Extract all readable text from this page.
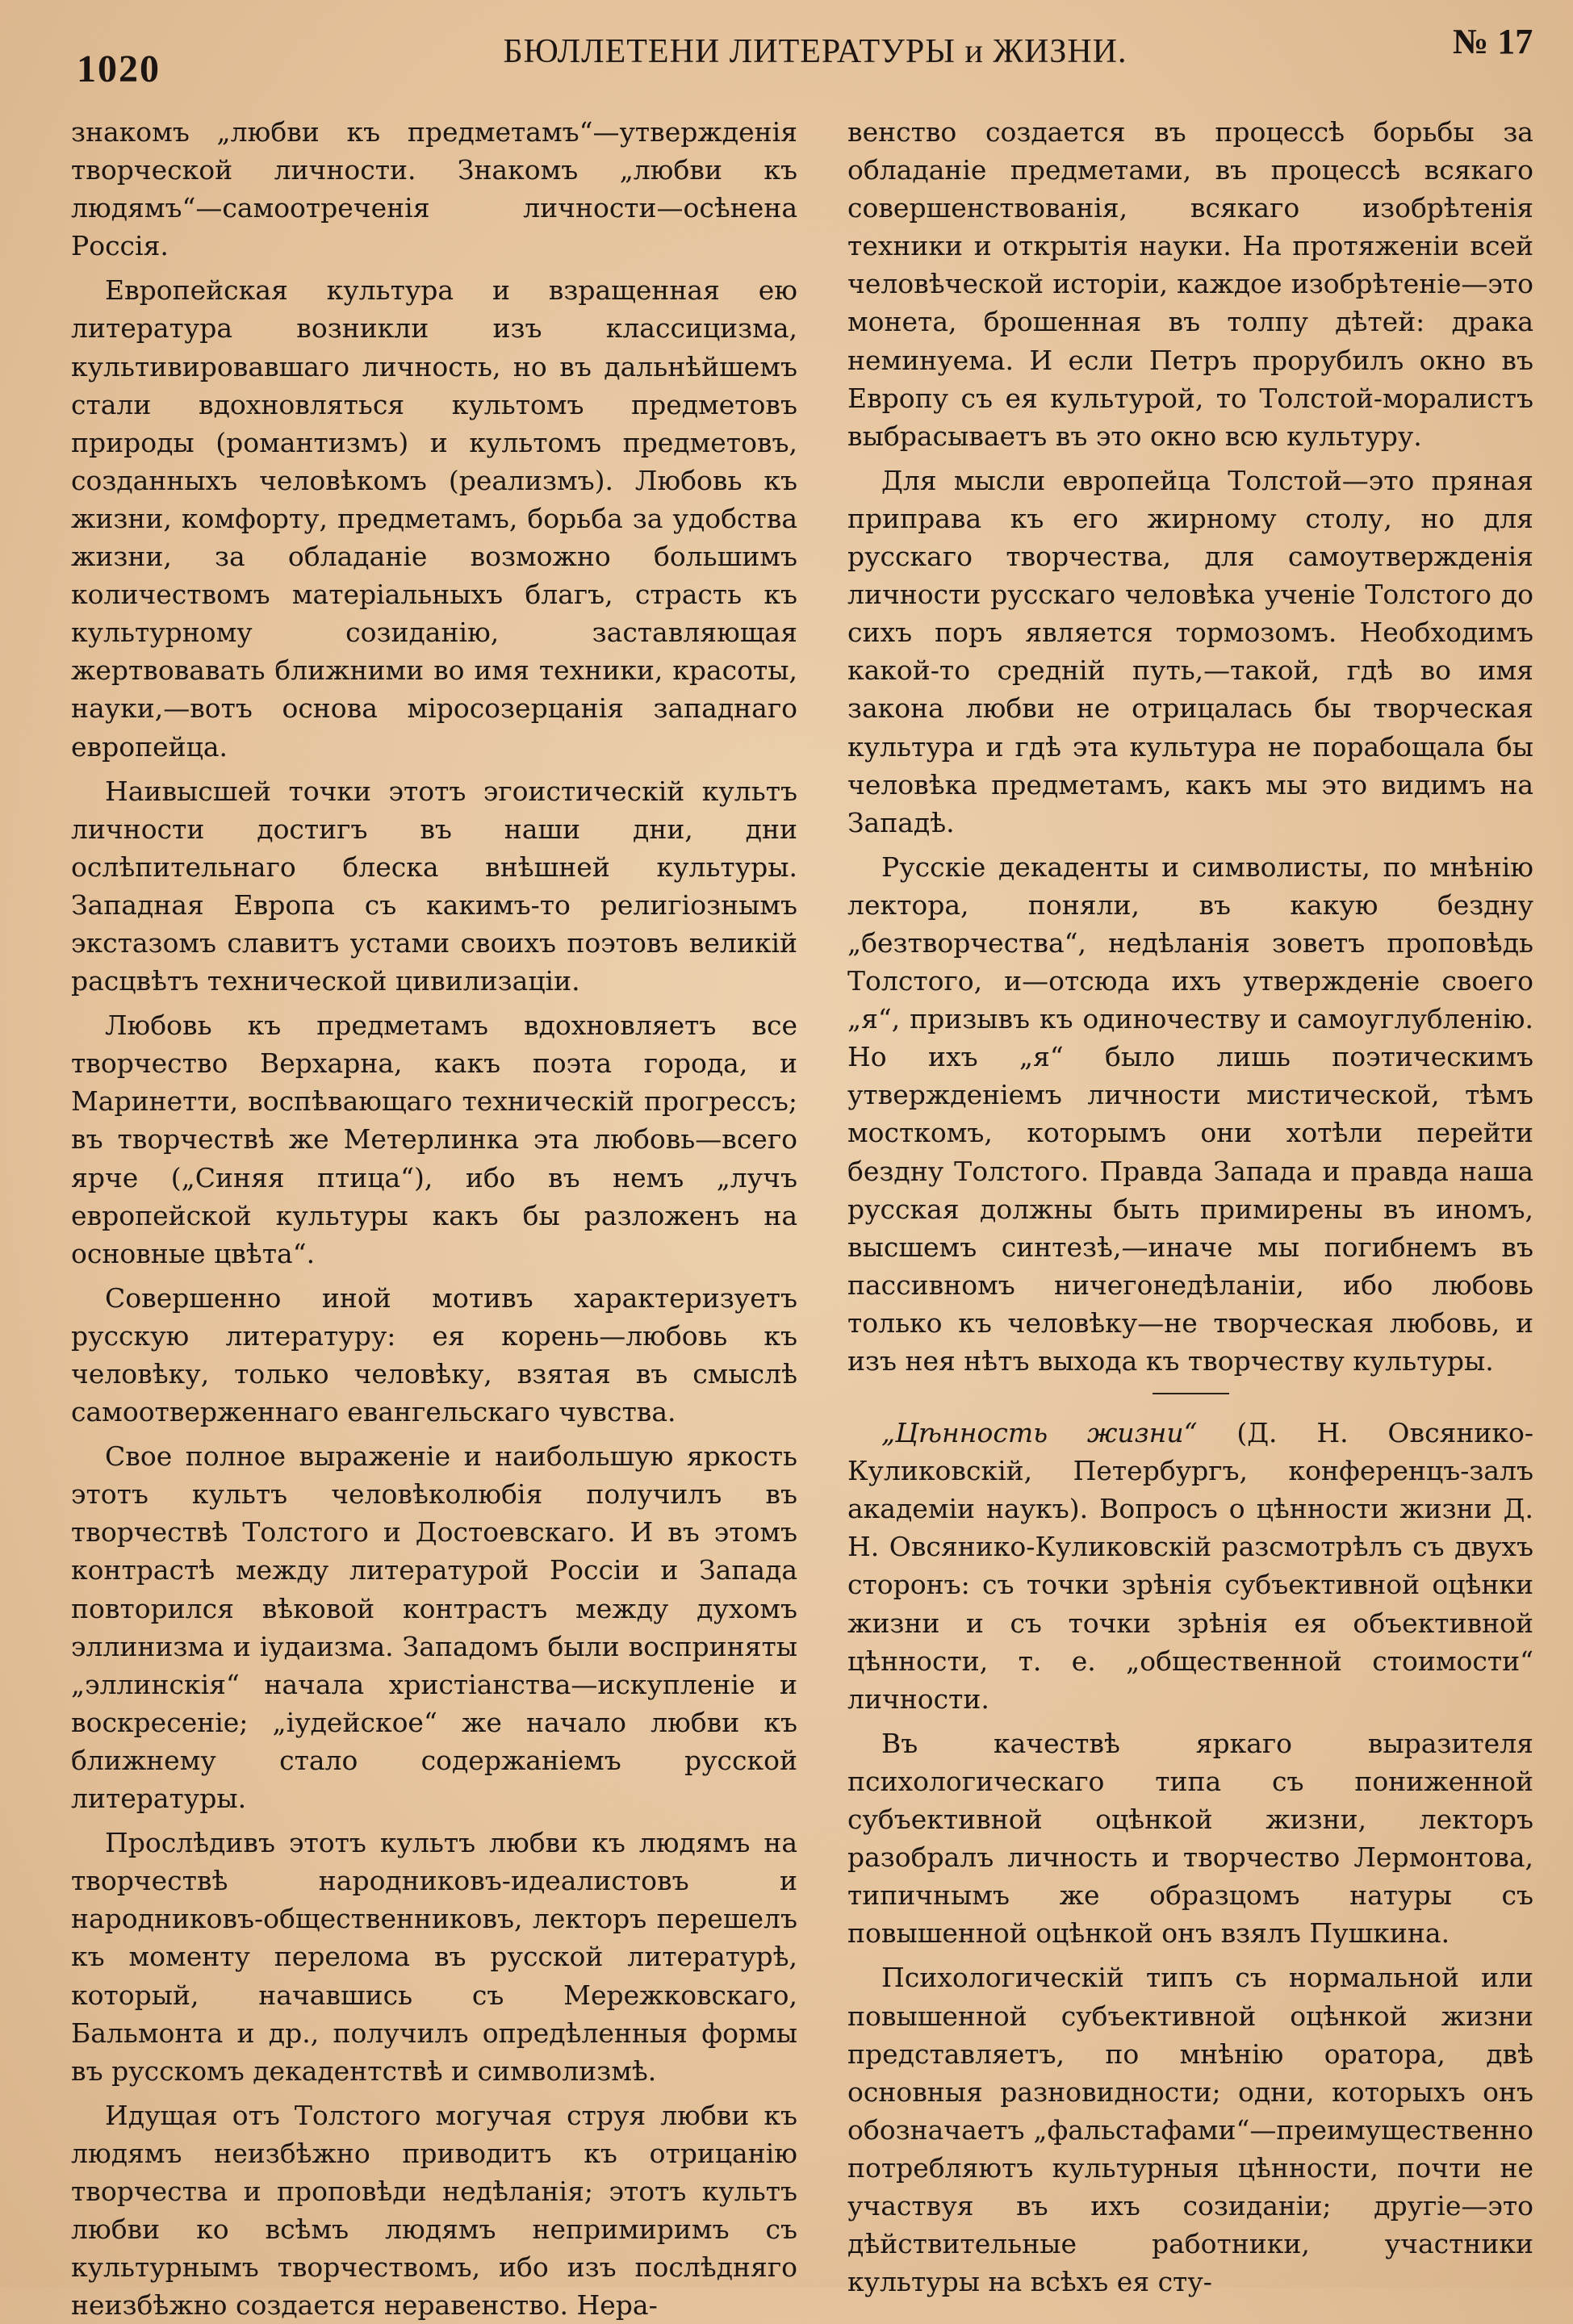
1020	БЮЛЛЕТЕНИ ЛИТЕРАТУРЫ и ЖИЗНИ.	№ 17

знакомъ „любви къ предметамъ“—утвержденія творческой личности. Знакомъ „любви къ людямъ“—самоотреченія личности—осѣнена Россія.

Европейская культура и взращенная ею литература возникли изъ классицизма, культивировавшаго личность, но въ дальнѣйшемъ стали вдохновляться культомъ предметовъ природы (романтизмъ) и культомъ предметовъ, созданныхъ человѣкомъ (реализмъ). Любовь къ жизни, комфорту, предметамъ, борьба за удобства жизни, за обладаніе возможно большимъ количествомъ матеріальныхъ благъ, страсть къ культурному созиданію, заставляющая жертвовавать ближними во имя техники, красоты, науки,—вотъ основа міросозерцанія западнаго европейца.

Наивысшей точки этотъ эгоистическій культъ личности достигъ въ наши дни, дни ослѣпительнаго блеска внѣшней культуры. Западная Европа съ какимъ-то религіознымъ экстазомъ славитъ устами своихъ поэтовъ великій расцвѣтъ технической цивилизаціи.

Любовь къ предметамъ вдохновляетъ все творчество Верхарна, какъ поэта города, и Маринетти, воспѣвающаго техническій прогрессъ; въ творчествѣ же Метерлинка эта любовь—всего ярче („Синяя птица“), ибо въ немъ „лучъ европейской культуры какъ бы разложенъ на основные цвѣта“.

Совершенно иной мотивъ характеризуетъ русскую литературу: ея корень—любовь къ человѣку, только человѣку, взятая въ смыслѣ самоотверженнаго евангельскаго чувства.

Свое полное выраженіе и наибольшую яркость этотъ культъ человѣколюбія получилъ въ творчествѣ Толстого и Достоевскаго. И въ этомъ контрастѣ между литературой Россіи и Запада повторился вѣковой контрастъ между духомъ эллинизма и іудаизма. Западомъ были восприняты „эллинскія“ начала христіанства—искупленіе и воскресеніе; „іудейское“ же начало любви къ ближнему стало содержаніемъ русской литературы.

Прослѣдивъ этотъ культъ любви къ людямъ на творчествѣ народниковъ-идеалистовъ и народниковъ-общественниковъ, лекторъ перешелъ къ моменту перелома въ русской литературѣ, который, начавшись съ Мережковскаго, Бальмонта и др., получилъ опредѣленныя формы въ русскомъ декадентствѣ и символизмѣ.

Идущая отъ Толстого могучая струя любви къ людямъ неизбѣжно приводитъ къ отрицанію творчества и проповѣди недѣланія; этотъ культъ любви ко всѣмъ людямъ непримиримъ съ культурнымъ творчествомъ, ибо изъ послѣдняго неизбѣжно создается неравенство. Нера-

венство создается въ процессѣ борьбы за обладаніе предметами, въ процессѣ всякаго совершенствованія, всякаго изобрѣтенія техники и открытія науки. На протяженіи всей человѣческой исторіи, каждое изобрѣтеніе—это монета, брошенная въ толпу дѣтей: драка неминуема. И если Петръ прорубилъ окно въ Европу съ ея культурой, то Толстой-моралистъ выбрасываетъ въ это окно всю культуру.

Для мысли европейца Толстой—это пряная приправа къ его жирному столу, но для русскаго творчества, для самоутвержденія личности русскаго человѣка ученіе Толстого до сихъ поръ является тормозомъ. Необходимъ какой-то средній путь,—такой, гдѣ во имя закона любви не отрицалась бы творческая культура и гдѣ эта культура не порабощала бы человѣка предметамъ, какъ мы это видимъ на Западѣ.

Русскіе декаденты и символисты, по мнѣнію лектора, поняли, въ какую бездну „безтворчества“, недѣланія зоветъ проповѣдь Толстого, и—отсюда ихъ утвержденіе своего „я“, призывъ къ одиночеству и самоуглубленію. Но ихъ „я“ было лишь поэтическимъ утвержденіемъ личности мистической, тѣмъ мосткомъ, которымъ они хотѣли перейти бездну Толстого. Правда Запада и правда наша русская должны быть примирены въ иномъ, высшемъ синтезѣ,—иначе мы погибнемъ въ пассивномъ ничегонедѣланіи, ибо любовь только къ человѣку—не творческая любовь, и изъ нея нѣтъ выхода къ творчеству культуры.

„Цѣнность жизни“ (Д. Н. Овсянико-Куликовскій, Петербургъ, конференцъ-залъ академіи наукъ). Вопросъ о цѣнности жизни Д. Н. Овсянико-Куликовскій разсмотрѣлъ съ двухъ сторонъ: съ точки зрѣнія субъективной оцѣнки жизни и съ точки зрѣнія ея объективной цѣнности, т. е. „общественной стоимости“ личности.

Въ качествѣ яркаго выразителя психологическаго типа съ пониженной субъективной оцѣнкой жизни, лекторъ разобралъ личность и творчество Лермонтова, типичнымъ же образцомъ натуры съ повышенной оцѣнкой онъ взялъ Пушкина.

Психологическій типъ съ нормальной или повышенной субъективной оцѣнкой жизни представляетъ, по мнѣнію оратора, двѣ основныя разновидности; одни, которыхъ онъ обозначаетъ „фальстафами“—преимущественно потребляютъ культурныя цѣнности, почти не участвуя въ ихъ созиданіи; другіе—это дѣйствительные работники, участники культуры на всѣхъ ея сту-
